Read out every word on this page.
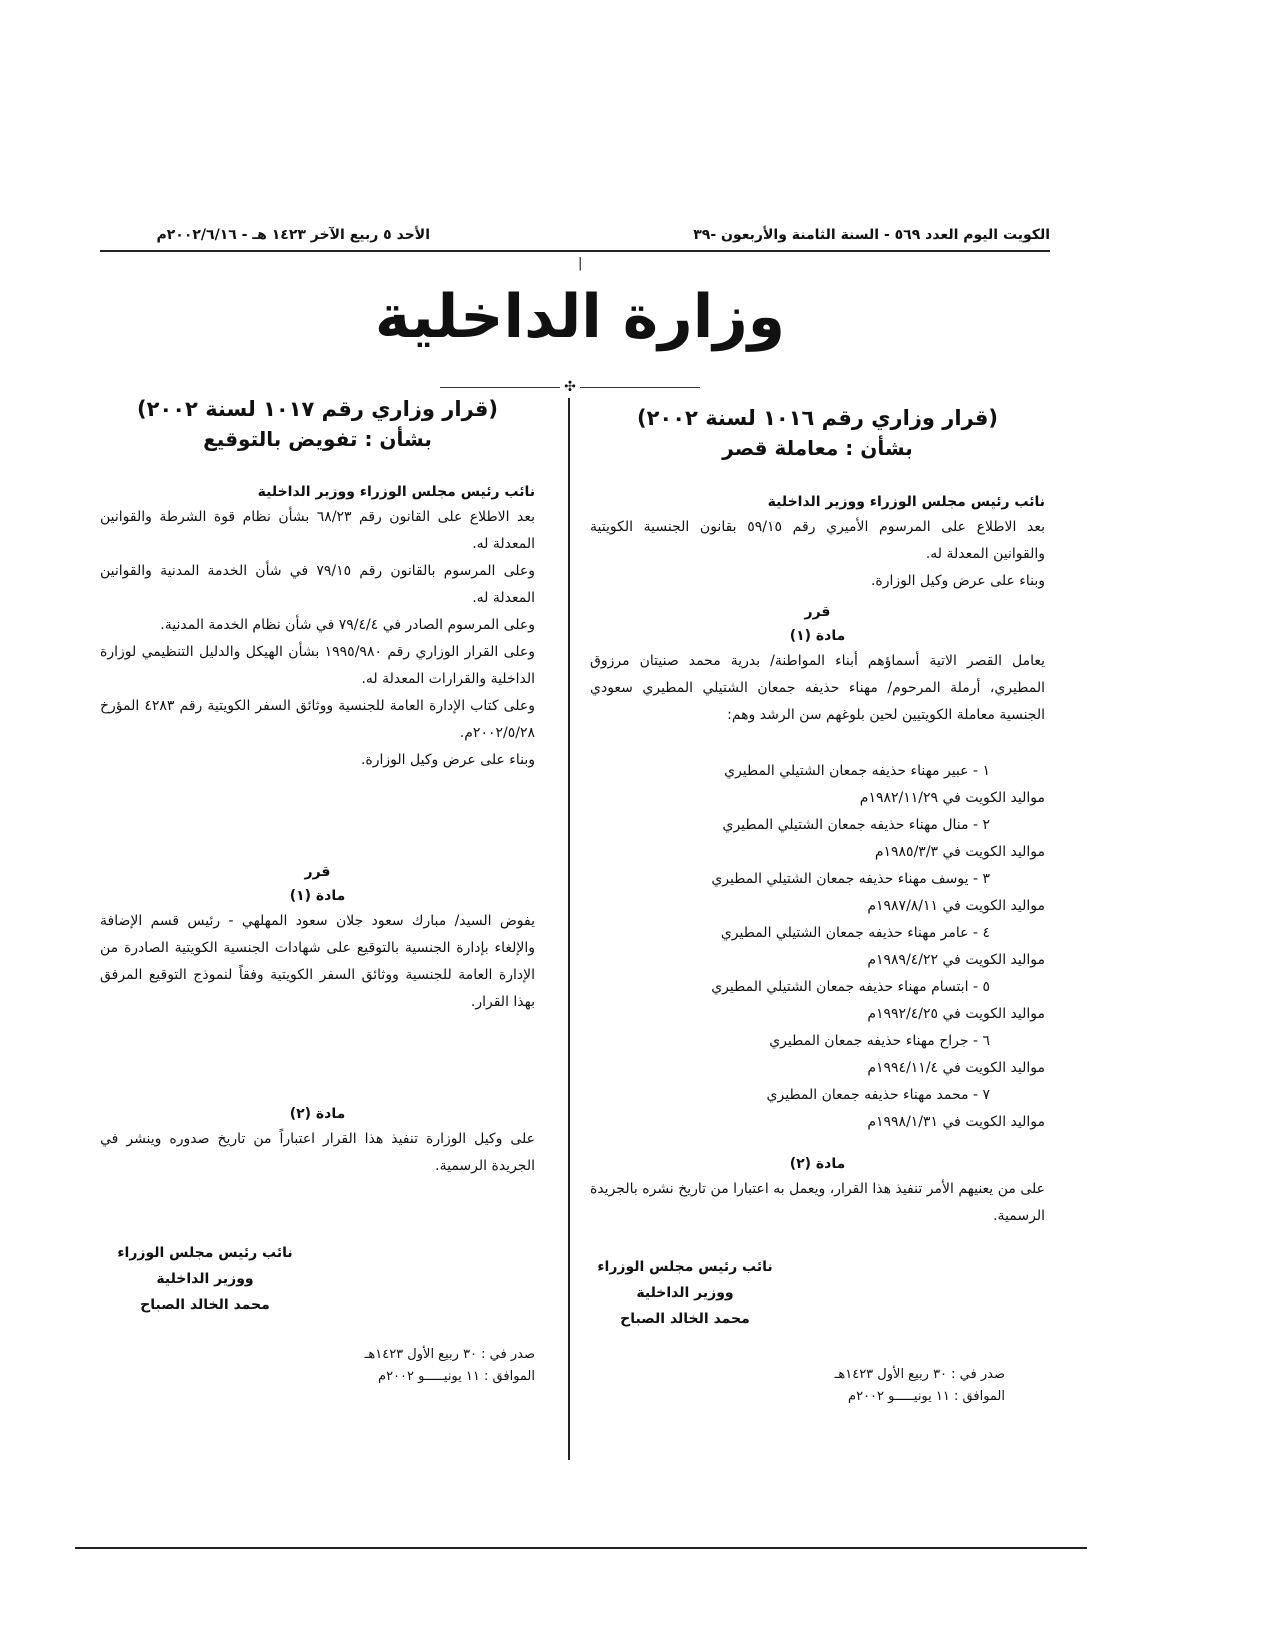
الكويت اليوم العدد ٥٦٩ - السنة الثامنة والأربعون -٣٩
الأحد ٥ ربيع الآخر ١٤٢٣ هـ - ٢٠٠٢/٦/١٦م
|
وزارة الداخلية
✣
(قرار وزاري رقم ١٠١٦ لسنة ٢٠٠٢)
بشأن : معاملة قصر
نائب رئيس مجلس الوزراء ووزير الداخلية

بعد الاطلاع على المرسوم الأميري رقم ٥٩/١٥ بقانون الجنسية الكويتية والقوانين المعدلة له.

وبناء على عرض وكيل الوزارة.

قرر
مادة (١)

يعامل القصر الاتية أسماؤهم أبناء المواطنة/ بدرية محمد صنيتان مرزوق المطيري، أرملة المرحوم/ مهناء حذيفه جمعان الشتيلي المطيري سعودي الجنسية معاملة الكويتيين لحين بلوغهم سن الرشد وهم:

١ - عبير مهناء حذيفه جمعان الشتيلي المطيري

مواليد الكويت في ١٩٨٢/١١/٢٩م

٢ - منال مهناء حذيفه جمعان الشتيلي المطيري

مواليد الكويت في ١٩٨٥/٣/٣م

٣ - يوسف مهناء حذيفه جمعان الشتيلي المطيري

مواليد الكويت في ١٩٨٧/٨/١١م

٤ - عامر مهناء حذيفه جمعان الشتيلي المطيري

مواليد الكويت في ١٩٨٩/٤/٢٢م

٥ - ابتسام مهناء حذيفه جمعان الشتيلي المطيري

مواليد الكويت في ١٩٩٢/٤/٢٥م

٦ - جراح مهناء حذيفه جمعان المطيري

مواليد الكويت في ١٩٩٤/١١/٤م

٧ - محمد مهناء حذيفه جمعان المطيري

مواليد الكويت في ١٩٩٨/١/٣١م

مادة (٢)

على من يعنيهم الأمر تنفيذ هذا القرار، ويعمل به اعتبارا من تاريخ نشره بالجريدة الرسمية.

نائب رئيس مجلس الوزراء
ووزير الداخلية
محمد الخالد الصباح
صدر في : ٣٠ ربيع الأول ١٤٢٣هـ
الموافق : ١١ يونيـــــو ٢٠٠٢م
(قرار وزاري رقم ١٠١٧ لسنة ٢٠٠٢)
بشأن : تفويض بالتوقيع
نائب رئيس مجلس الوزراء ووزير الداخلية

بعد الاطلاع على القانون رقم ٦٨/٢٣ بشأن نظام قوة الشرطة والقوانين المعدلة له.

وعلى المرسوم بالقانون رقم ٧٩/١٥ في شأن الخدمة المدنية والقوانين المعدلة له.

وعلى المرسوم الصادر في ٧٩/٤/٤ في شأن نظام الخدمة المدنية.

وعلى القرار الوزاري رقم ١٩٩٥/٩٨٠ بشأن الهيكل والدليل التنظيمي لوزارة الداخلية والقرارات المعدلة له.

وعلى كتاب الإدارة العامة للجنسية ووثائق السفر الكويتية رقم ٤٢٨٣ المؤرخ ٢٠٠٢/٥/٢٨م.

وبناء على عرض وكيل الوزارة.

قرر
مادة (١)

يفوض السيد/ مبارك سعود جلان سعود المهلهي - رئيس قسم الإضافة والإلغاء بإدارة الجنسية بالتوقيع على شهادات الجنسية الكويتية الصادرة من الإدارة العامة للجنسية ووثائق السفر الكويتية وفقاً لنموذج التوقيع المرفق بهذا القرار.

مادة (٢)

على وكيل الوزارة تنفيذ هذا القرار اعتباراً من تاريخ صدوره وينشر في الجريدة الرسمية.

نائب رئيس مجلس الوزراء
ووزير الداخلية
محمد الخالد الصباح
صدر في : ٣٠ ربيع الأول ١٤٢٣هـ
الموافق : ١١ يونيـــــو ٢٠٠٢م
